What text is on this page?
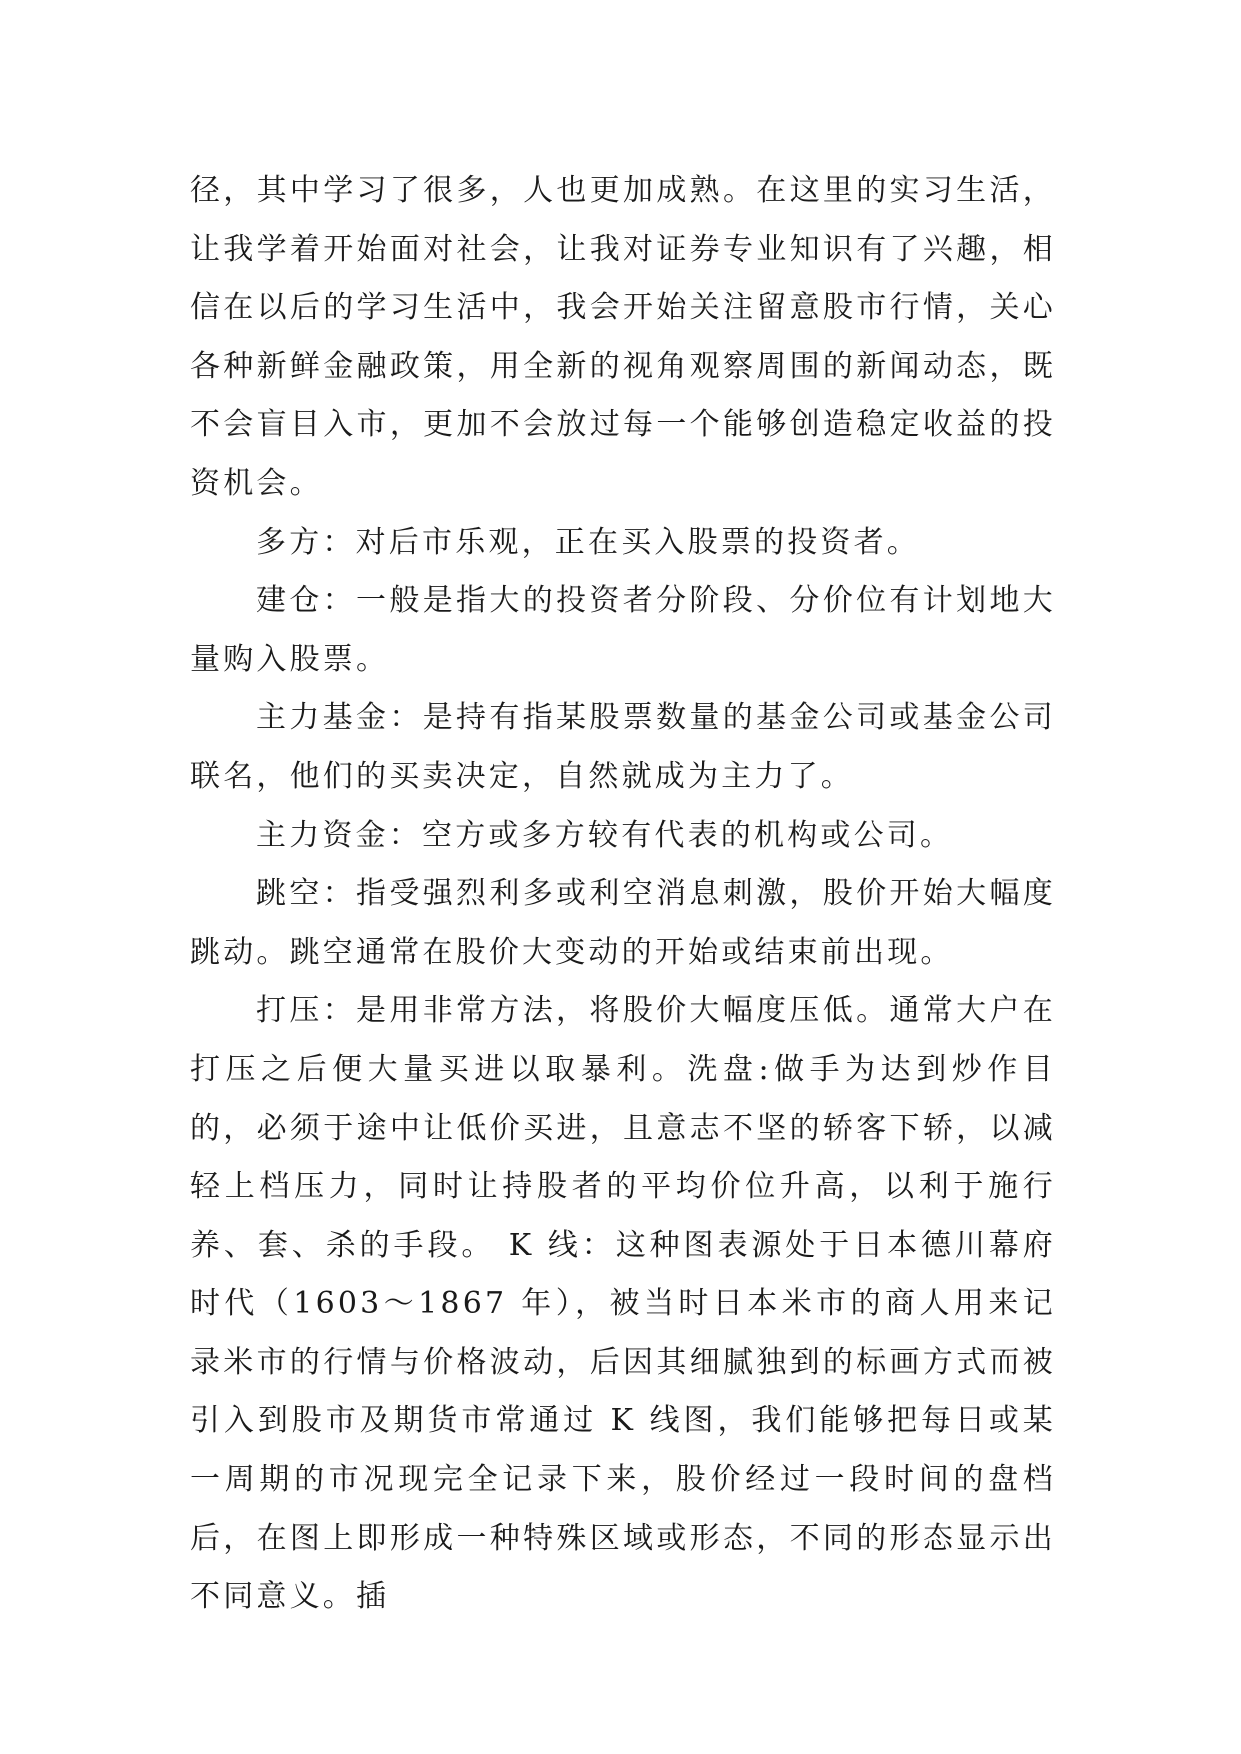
径，其中学习了很多，人也更加成熟。在这里的实习生活，让我学着开始面对社会，让我对证券专业知识有了兴趣，相信在以后的学习生活中，我会开始关注留意股市行情，关心各种新鲜金融政策，用全新的视角观察周围的新闻动态，既不会盲目入市，更加不会放过每一个能够创造稳定收益的投资机会。

多方：对后市乐观，正在买入股票的投资者。

建仓：一般是指大的投资者分阶段、分价位有计划地大量购入股票。

主力基金：是持有指某股票数量的基金公司或基金公司联名，他们的买卖决定，自然就成为主力了。

主力资金：空方或多方较有代表的机构或公司。

跳空：指受强烈利多或利空消息刺激，股价开始大幅度跳动。跳空通常在股价大变动的开始或结束前出现。

打压：是用非常方法，将股价大幅度压低。通常大户在打压之后便大量买进以取暴利。洗盘:做手为达到炒作目的，必须于途中让低价买进，且意志不坚的轿客下轿，以减轻上档压力，同时让持股者的平均价位升高，以利于施行养、套、杀的手段。 K 线：这种图表源处于日本德川幕府时代（1603～1867 年），被当时日本米市的商人用来记录米市的行情与价格波动，后因其细腻独到的标画方式而被引入到股市及期货市常通过 K 线图，我们能够把每日或某一周期的市况现完全记录下来，股价经过一段时间的盘档后，在图上即形成一种特殊区域或形态，不同的形态显示出不同意义。插
